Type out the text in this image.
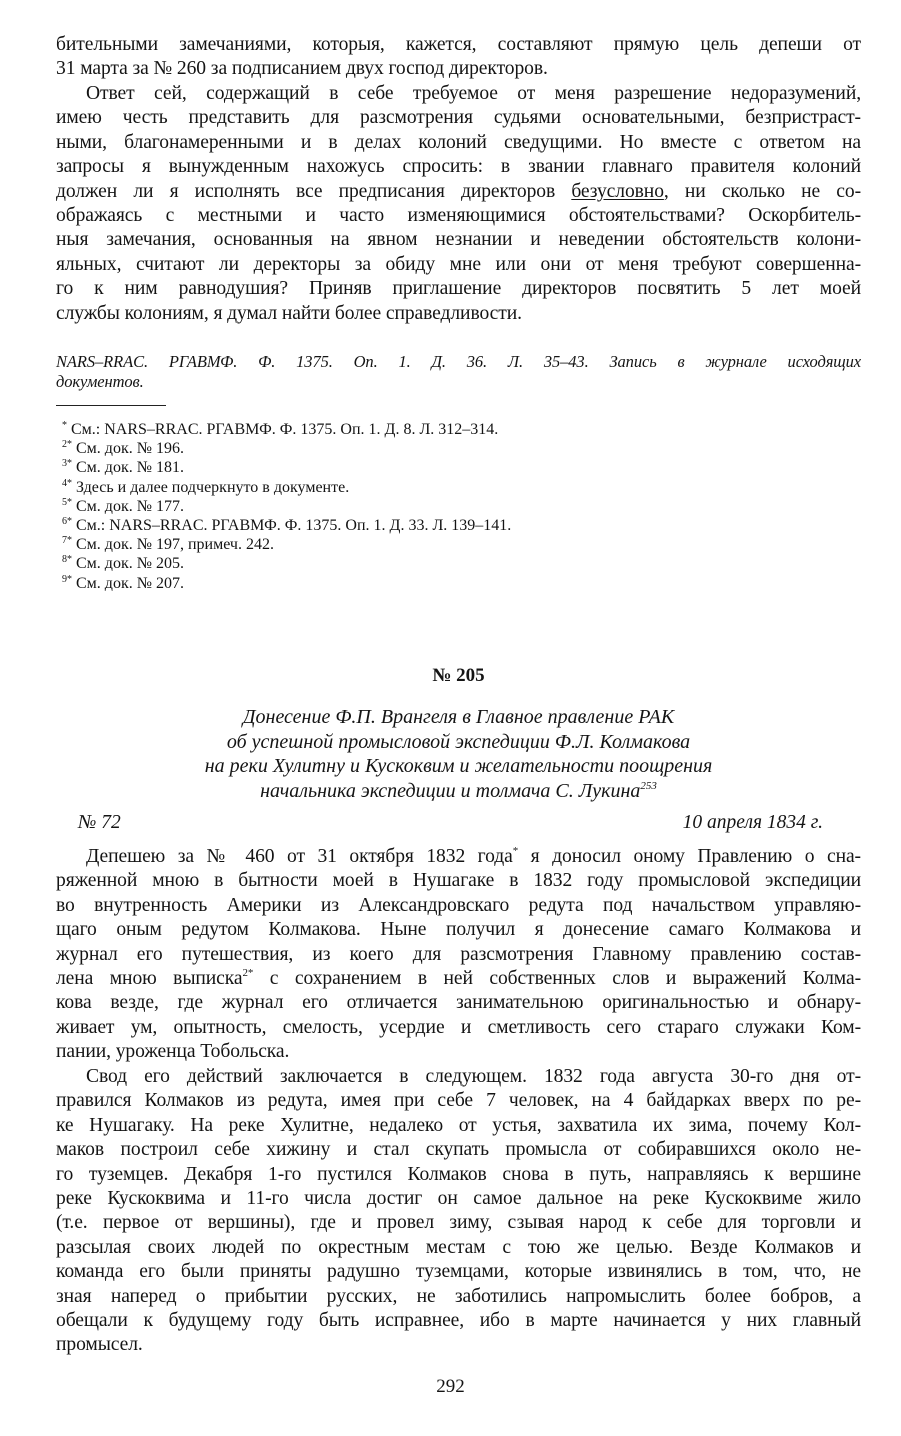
бительными замечаниями, которыя, кажется, составляют прямую цель депеши от
31 марта за № 260 за подписанием двух господ директоров.
Ответ сей, содержащий в себе требуемое от меня разрешение недоразумений,
имею честь представить для разсмотрения судьями основательными, безпристраст-
ными, благонамеренными и в делах колоний сведущими. Но вместе с ответом на
запросы я вынужденным нахожусь спросить: в звании главнаго правителя колоний
должен ли я исполнять все предписания директоров безусловно, ни сколько не со-
ображаясь с местными и часто изменяющимися обстоятельствами? Оскорбитель-
ныя замечания, основанныя на явном незнании и неведении обстоятельств колони-
яльных, считают ли деректоры за обиду мне или они от меня требуют совершенна-
го к ним равнодушия? Приняв приглашение директоров посвятить 5 лет моей
службы колониям, я думал найти более справедливости.
NARS–RRAC. РГАВМФ. Ф. 1375. Оп. 1. Д. 36. Л. 35–43. Запись в журнале исходящих
документов.
* См.: NARS–RRAC. РГАВМФ. Ф. 1375. Оп. 1. Д. 8. Л. 312–314.
$^{2*}$ См. док. № 196.
$^{3*}$ См. док. № 181.
$^{4*}$ Здесь и далее подчеркнуто в документе.
$^{5*}$ См. док. № 177.
$^{6*}$ См.: NARS–RRAC. РГАВМФ. Ф. 1375. Оп. 1. Д. 33. Л. 139–141.
$^{7*}$ См. док. № 197, примеч. 242.
$^{8*}$ См. док. № 205.
$^{9*}$ См. док. № 207.
№ 205
Донесение Ф.П. Врангеля в Главное правление РАК
об успешной промысловой экспедиции Ф.Л. Колмакова
на реки Хулитну и Кускоквим и желательности поощрения
начальника экспедиции и толмача С. Лукина$^{253}$
№ 72	10 апреля 1834 г.
Депешею за № 460 от 31 октября 1832 года* я доносил оному Правлению о сна-
ряженной мною в бытности моей в Нушагаке в 1832 году промысловой экспедиции
во внутренность Америки из Александровскаго редута под начальством управляю-
щаго оным редутом Колмакова. Ныне получил я донесение самаго Колмакова и
журнал его путешествия, из коего для разсмотрения Главному правлению состав-
лена мною выписка$^{2*}$ с сохранением в ней собственных слов и выражений Колма-
кова везде, где журнал его отличается занимательною оригинальностью и обнару-
живает ум, опытность, смелость, усердие и сметливость сего стараго служаки Ком-
пании, уроженца Тобольска.
Свод его действий заключается в следующем. 1832 года августа 30-го дня от-
правился Колмаков из редута, имея при себе 7 человек, на 4 байдарках вверх по ре-
ке Нушагаку. На реке Хулитне, недалеко от устья, захватила их зима, почему Кол-
маков построил себе хижину и стал скупать промысла от собиравшихся около не-
го туземцев. Декабря 1-го пустился Колмаков снова в путь, направляясь к вершине
реке Кускоквима и 11-го числа достиг он самое дальное на реке Кускоквиме жило
(т.е. первое от вершины), где и провел зиму, сзывая народ к себе для торговли и
разсылая своих людей по окрестным местам с тою же целью. Везде Колмаков и
команда его были приняты радушно туземцами, которые извинялись в том, что, не
зная наперед о прибытии русских, не заботились напромыслить более бобров, а
обещали к будущему году быть исправнее, ибо в марте начинается у них главный
промысел.
292
